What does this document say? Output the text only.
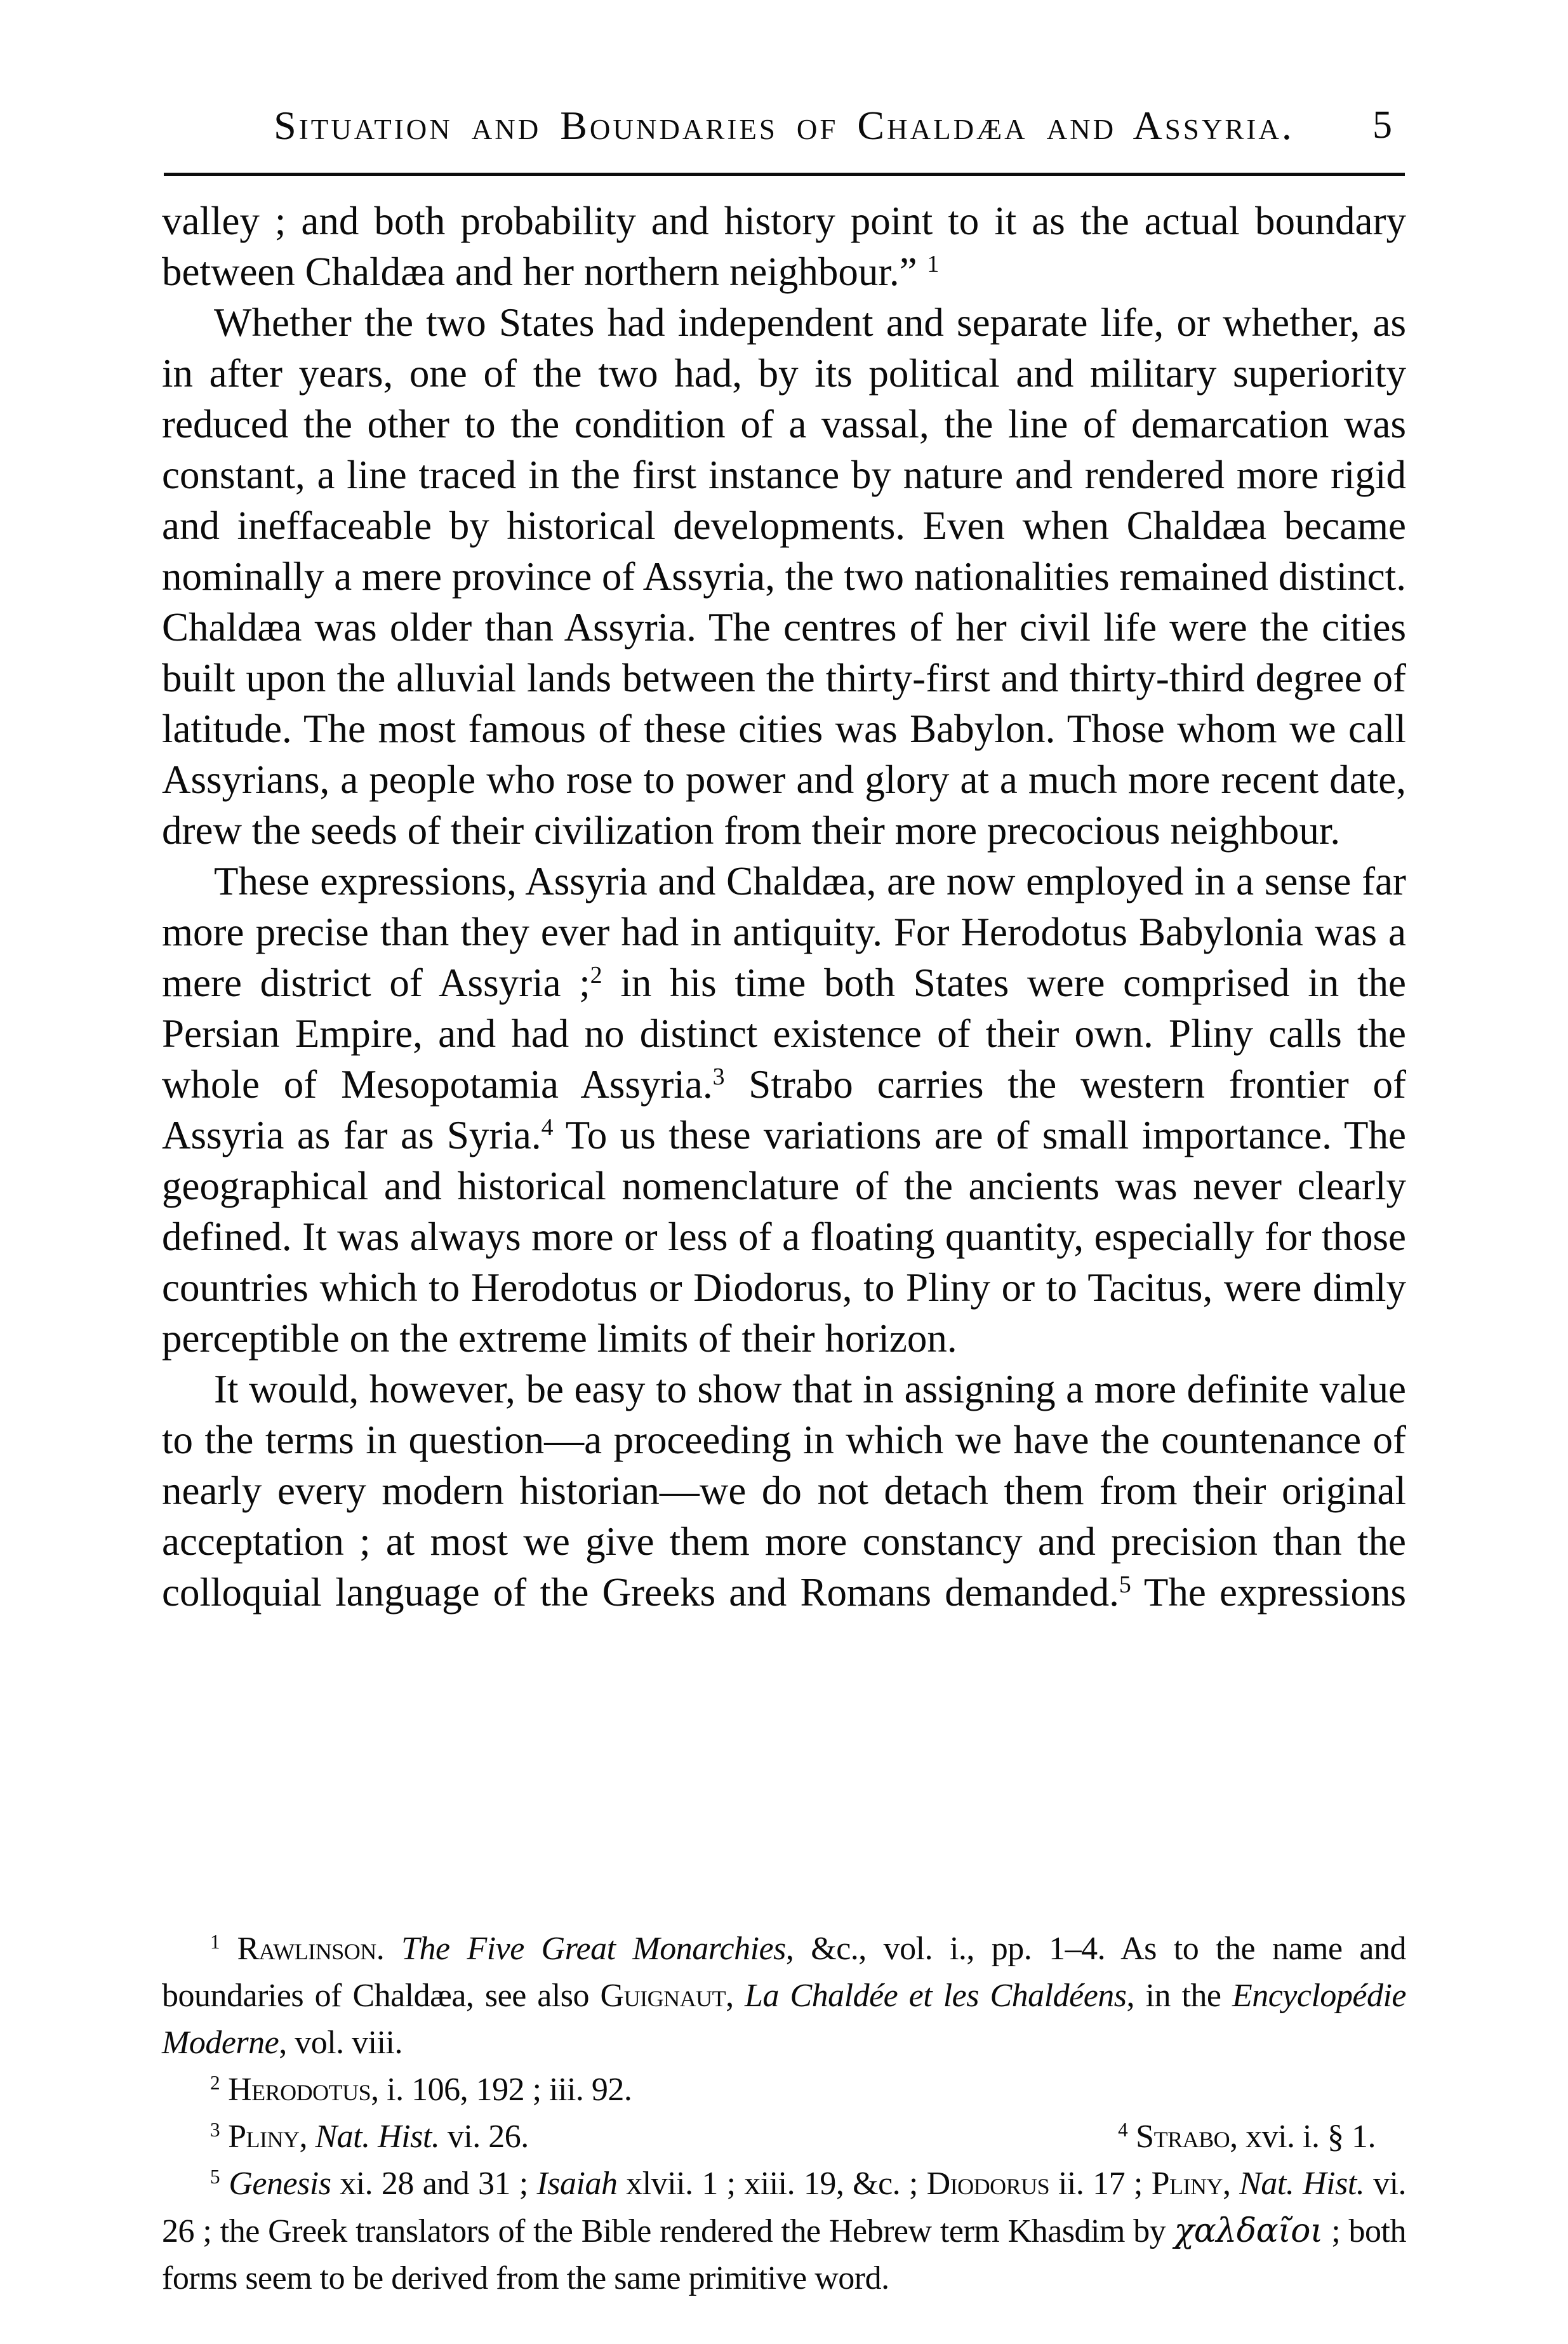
Situation and Boundaries of Chaldæa and Assyria. 5

valley ; and both probability and history point to it as the actual boundary between Chaldæa and her northern neighbour.” $^1$

Whether the two States had independent and separate life, or whether, as in after years, one of the two had, by its political and military superiority reduced the other to the condition of a vassal, the line of demarcation was constant, a line traced in the first instance by nature and rendered more rigid and ineffaceable by historical developments. Even when Chaldæa became nominally a mere province of Assyria, the two nationalities remained distinct. Chaldæa was older than Assyria. The centres of her civil life were the cities built upon the alluvial lands between the thirty-first and thirty-third degree of latitude. The most famous of these cities was Babylon. Those whom we call Assyrians, a people who rose to power and glory at a much more recent date, drew the seeds of their civilization from their more precocious neighbour.

These expressions, Assyria and Chaldæa, are now employed in a sense far more precise than they ever had in antiquity. For Herodotus Babylonia was a mere district of Assyria ;$^2$ in his time both States were comprised in the Persian Empire, and had no distinct existence of their own. Pliny calls the whole of Mesopotamia Assyria.$^3$ Strabo carries the western frontier of Assyria as far as Syria.$^4$ To us these variations are of small importance. The geographical and historical nomenclature of the ancients was never clearly defined. It was always more or less of a floating quantity, especially for those countries which to Herodotus or Diodorus, to Pliny or to Tacitus, were dimly perceptible on the extreme limits of their horizon.

It would, however, be easy to show that in assigning a more definite value to the terms in question—a proceeding in which we have the countenance of nearly every modern historian—we do not detach them from their original acceptation ; at most we give them more constancy and precision than the colloquial language of the Greeks and Romans demanded.$^5$ The expressions

$^1$ Rawlinson. The Five Great Monarchies, &c., vol. i., pp. 1–4. As to the name and boundaries of Chaldæa, see also Guignaut, La Chaldée et les Chaldéens, in the Encyclopédie Moderne, vol. viii.

$^2$ Herodotus, i. 106, 192 ; iii. 92.

$^3$ Pliny, Nat. Hist. vi. 26.	$^4$ Strabo, xvi. i. § 1.

$^5$ Genesis xi. 28 and 31 ; Isaiah xlvii. 1 ; xiii. 19, &c. ; Diodorus ii. 17 ; Pliny, Nat. Hist. vi. 26 ; the Greek translators of the Bible rendered the Hebrew term Khasdim by χαλδαῖοι ; both forms seem to be derived from the same primitive word.
